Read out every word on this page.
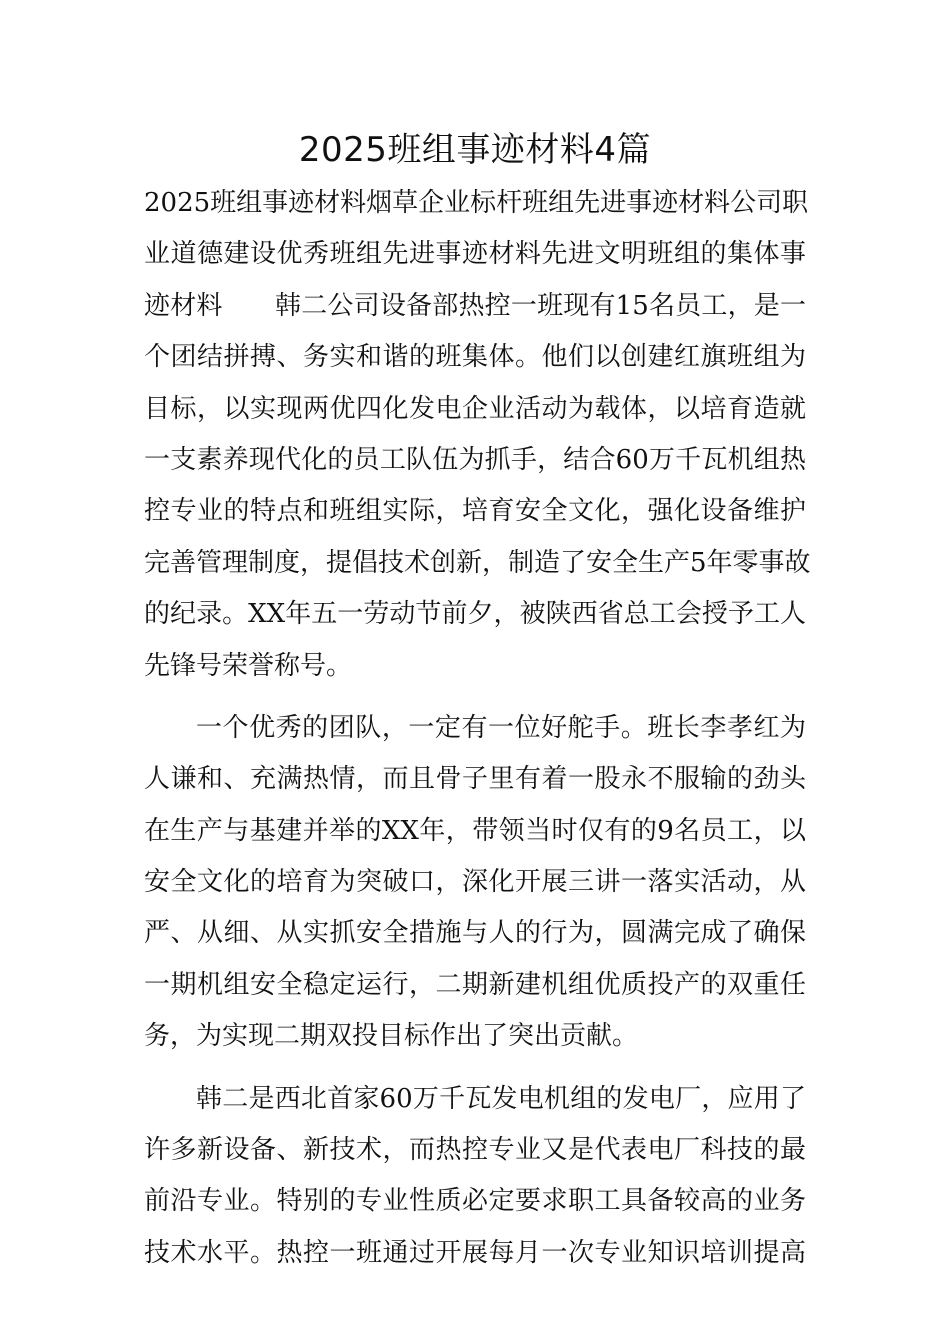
2025班组事迹材料4篇
2025班组事迹材料烟草企业标杆班组先进事迹材料公司职
业道德建设优秀班组先进事迹材料先进文明班组的集体事
迹材料　　韩二公司设备部热控一班现有15名员工，是一
个团结拼搏、务实和谐的班集体。他们以创建红旗班组为
目标，以实现两优四化发电企业活动为载体，以培育造就
一支素养现代化的员工队伍为抓手，结合60万千瓦机组热
控专业的特点和班组实际，培育安全文化，强化设备维护
完善管理制度，提倡技术创新，制造了安全生产5年零事故
的纪录。XX年五一劳动节前夕，被陕西省总工会授予工人
先锋号荣誉称号。
一个优秀的团队，一定有一位好舵手。班长李孝红为
人谦和、充满热情，而且骨子里有着一股永不服输的劲头
在生产与基建并举的XX年，带领当时仅有的9名员工，以
安全文化的培育为突破口，深化开展三讲一落实活动，从
严、从细、从实抓安全措施与人的行为，圆满完成了确保
一期机组安全稳定运行，二期新建机组优质投产的双重任
务，为实现二期双投目标作出了突出贡献。
韩二是西北首家60万千瓦发电机组的发电厂，应用了
许多新设备、新技术，而热控专业又是代表电厂科技的最
前沿专业。特别的专业性质必定要求职工具备较高的业务
技术水平。热控一班通过开展每月一次专业知识培训提高
